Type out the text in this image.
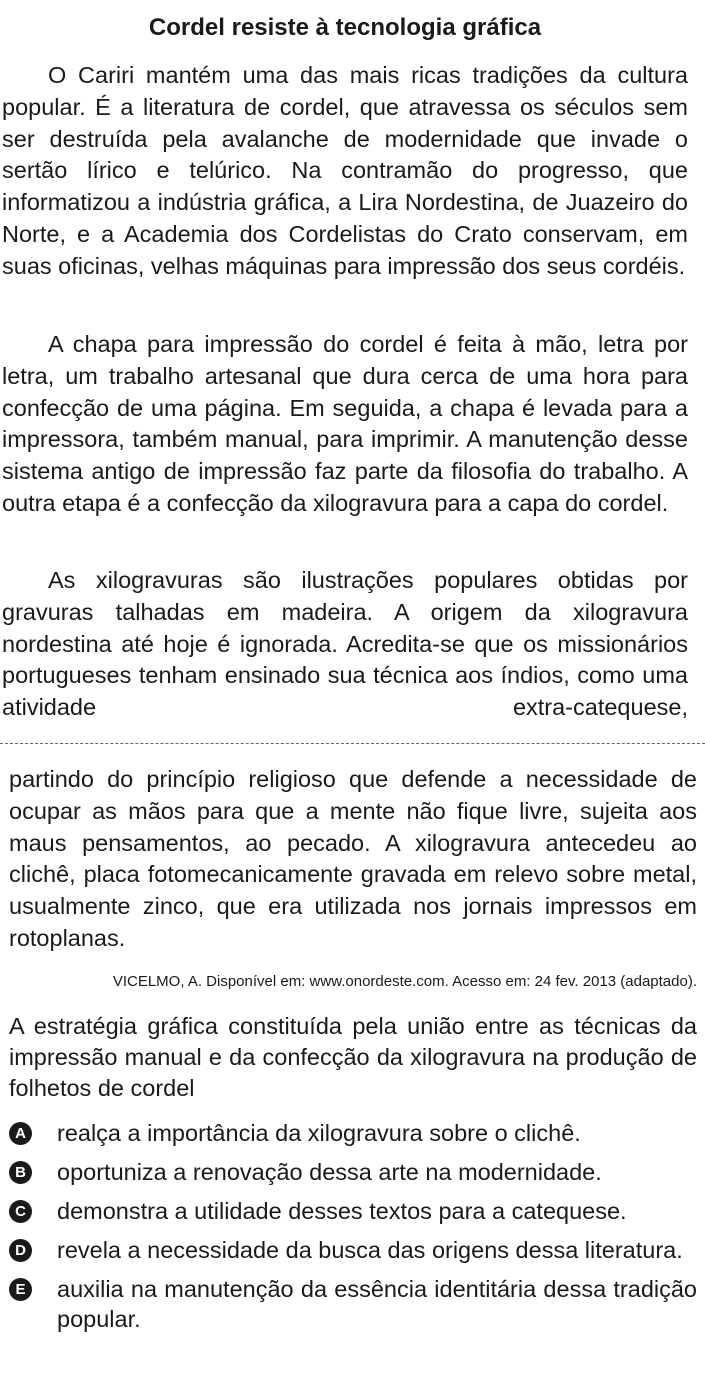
Cordel resiste à tecnologia gráfica

O Cariri mantém uma das mais ricas tradições da cultura popular. É a literatura de cordel, que atravessa os séculos sem ser destruída pela avalanche de modernidade que invade o sertão lírico e telúrico. Na contramão do progresso, que informatizou a indústria gráfica, a Lira Nordestina, de Juazeiro do Norte, e a Academia dos Cordelistas do Crato conservam, em suas oficinas, velhas máquinas para impressão dos seus cordéis.

A chapa para impressão do cordel é feita à mão, letra por letra, um trabalho artesanal que dura cerca de uma hora para confecção de uma página. Em seguida, a chapa é levada para a impressora, também manual, para imprimir. A manutenção desse sistema antigo de impressão faz parte da filosofia do trabalho. A outra etapa é a confecção da xilogravura para a capa do cordel.

As xilogravuras são ilustrações populares obtidas por gravuras talhadas em madeira. A origem da xilogravura nordestina até hoje é ignorada. Acredita-se que os missionários portugueses tenham ensinado sua técnica aos índios, como uma atividade extra-catequese,

partindo do princípio religioso que defende a necessidade de ocupar as mãos para que a mente não fique livre, sujeita aos maus pensamentos, ao pecado. A xilogravura antecedeu ao clichê, placa fotomecanicamente gravada em relevo sobre metal, usualmente zinco, que era utilizada nos jornais impressos em rotoplanas.

VICELMO, A. Disponível em: www.onordeste.com. Acesso em: 24 fev. 2013 (adaptado).

A estratégia gráfica constituída pela união entre as técnicas da impressão manual e da confecção da xilogravura na produção de folhetos de cordel

A realça a importância da xilogravura sobre o clichê.
B oportuniza a renovação dessa arte na modernidade.
C demonstra a utilidade desses textos para a catequese.
D revela a necessidade da busca das origens dessa literatura.
E auxilia na manutenção da essência identitária dessa tradição popular.
